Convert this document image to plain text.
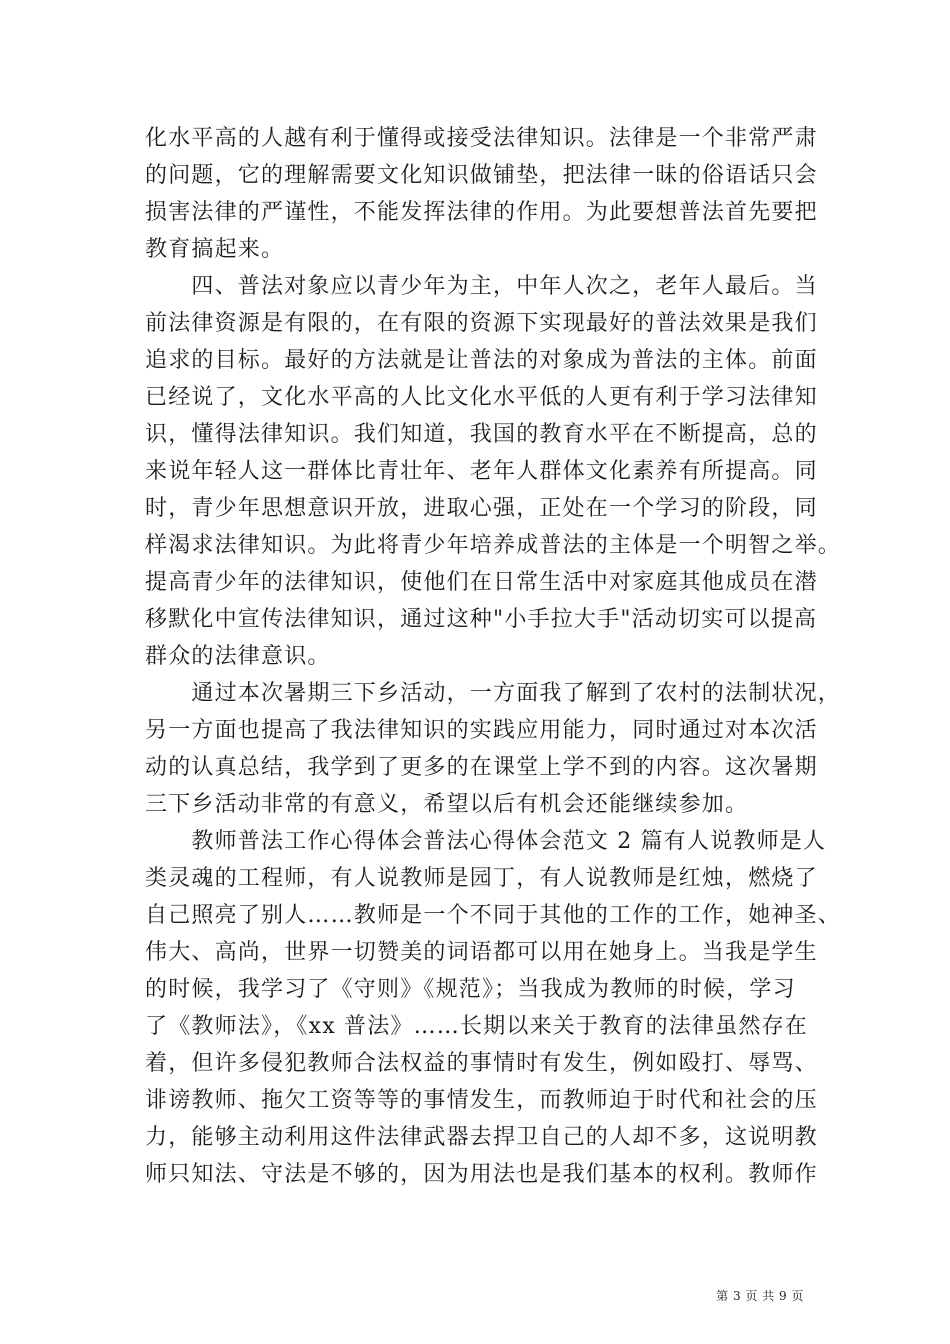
化水平高的人越有利于懂得或接受法律知识。法律是一个非常严肃
的问题，它的理解需要文化知识做铺垫，把法律一昧的俗语话只会
损害法律的严谨性，不能发挥法律的作用。为此要想普法首先要把
教育搞起来。
　　四、普法对象应以青少年为主，中年人次之，老年人最后。当
前法律资源是有限的，在有限的资源下实现最好的普法效果是我们
追求的目标。最好的方法就是让普法的对象成为普法的主体。前面
已经说了，文化水平高的人比文化水平低的人更有利于学习法律知
识，懂得法律知识。我们知道，我国的教育水平在不断提高，总的
来说年轻人这一群体比青壮年、老年人群体文化素养有所提高。同
时，青少年思想意识开放，进取心强，正处在一个学习的阶段，同
样渴求法律知识。为此将青少年培养成普法的主体是一个明智之举。
提高青少年的法律知识，使他们在日常生活中对家庭其他成员在潜
移默化中宣传法律知识，通过这种"小手拉大手"活动切实可以提高
群众的法律意识。
　　通过本次暑期三下乡活动，一方面我了解到了农村的法制状况，
另一方面也提高了我法律知识的实践应用能力，同时通过对本次活
动的认真总结，我学到了更多的在课堂上学不到的内容。这次暑期
三下乡活动非常的有意义，希望以后有机会还能继续参加。
　　教师普法工作心得体会普法心得体会范文 2 篇有人说教师是人
类灵魂的工程师，有人说教师是园丁，有人说教师是红烛，燃烧了
自己照亮了别人……教师是一个不同于其他的工作的工作，她神圣、
伟大、高尚，世界一切赞美的词语都可以用在她身上。当我是学生
的时候，我学习了《守则》《规范》；当我成为教师的时候，学习
了《教师法》，《xx 普法》……长期以来关于教育的法律虽然存在
着，但许多侵犯教师合法权益的事情时有发生，例如殴打、辱骂、
诽谤教师、拖欠工资等等的事情发生，而教师迫于时代和社会的压
力，能够主动利用这件法律武器去捍卫自己的人却不多，这说明教
师只知法、守法是不够的，因为用法也是我们基本的权利。教师作
第 3 页 共 9 页
